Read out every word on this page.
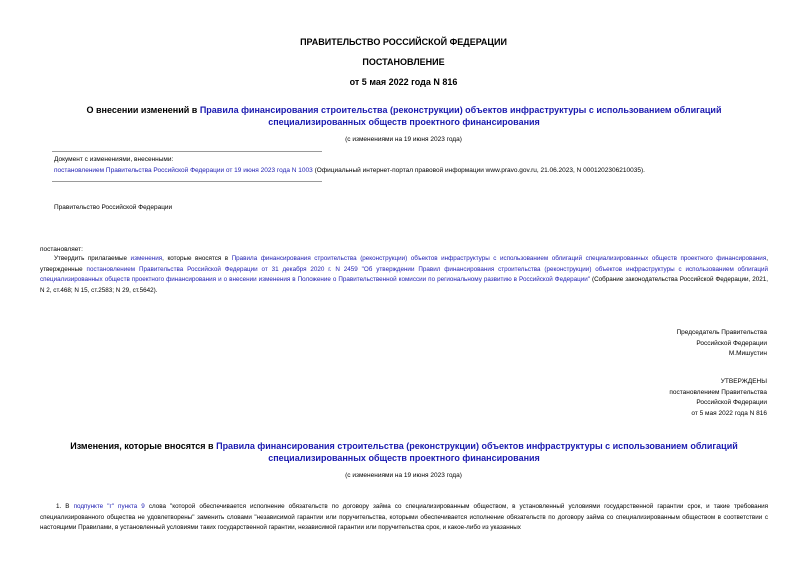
ПРАВИТЕЛЬСТВО РОССИЙСКОЙ ФЕДЕРАЦИИ
ПОСТАНОВЛЕНИЕ
от 5 мая 2022 года N 816
О внесении изменений в Правила финансирования строительства (реконструкции) объектов инфраструктуры с использованием облигаций специализированных обществ проектного финансирования
(с изменениями на 19 июня 2023 года)
Документ с изменениями, внесенными:
постановлением Правительства Российской Федерации от 19 июня 2023 года N 1003 (Официальный интернет-портал правовой информации www.pravo.gov.ru, 21.06.2023, N 0001202306210035).
Правительство Российской Федерации
постановляет:
Утвердить прилагаемые изменения, которые вносятся в Правила финансирования строительства (реконструкции) объектов инфраструктуры с использованием облигаций специализированных обществ проектного финансирования, утвержденные постановлением Правительства Российской Федерации от 31 декабря 2020 г. N 2459 "Об утверждении Правил финансирования строительства (реконструкции) объектов инфраструктуры с использованием облигаций специализированных обществ проектного финансирования и о внесении изменения в Положение о Правительственной комиссии по региональному развитию в Российской Федерации" (Собрание законодательства Российской Федерации, 2021, N 2, ст.468; N 15, ст.2583; N 29, ст.5642).
Председатель Правительства
Российской Федерации
М.Мишустин
УТВЕРЖДЕНЫ
постановлением Правительства
Российской Федерации
от 5 мая 2022 года N 816
Изменения, которые вносятся в Правила финансирования строительства (реконструкции) объектов инфраструктуры с использованием облигаций специализированных обществ проектного финансирования
(с изменениями на 19 июня 2023 года)
1. В подпункте "г" пункта 9 слова "которой обеспечивается исполнение обязательств по договору займа со специализированным обществом, в установленный условиями государственной гарантии срок, и такие требования специализированного общества не удовлетворены" заменить словами "независимой гарантии или поручительства, которыми обеспечивается исполнение обязательств по договору займа со специализированным обществом в соответствии с настоящими Правилами, в установленный условиями таких государственной гарантии, независимой гарантии или поручительства срок, и какое-либо из указанных
